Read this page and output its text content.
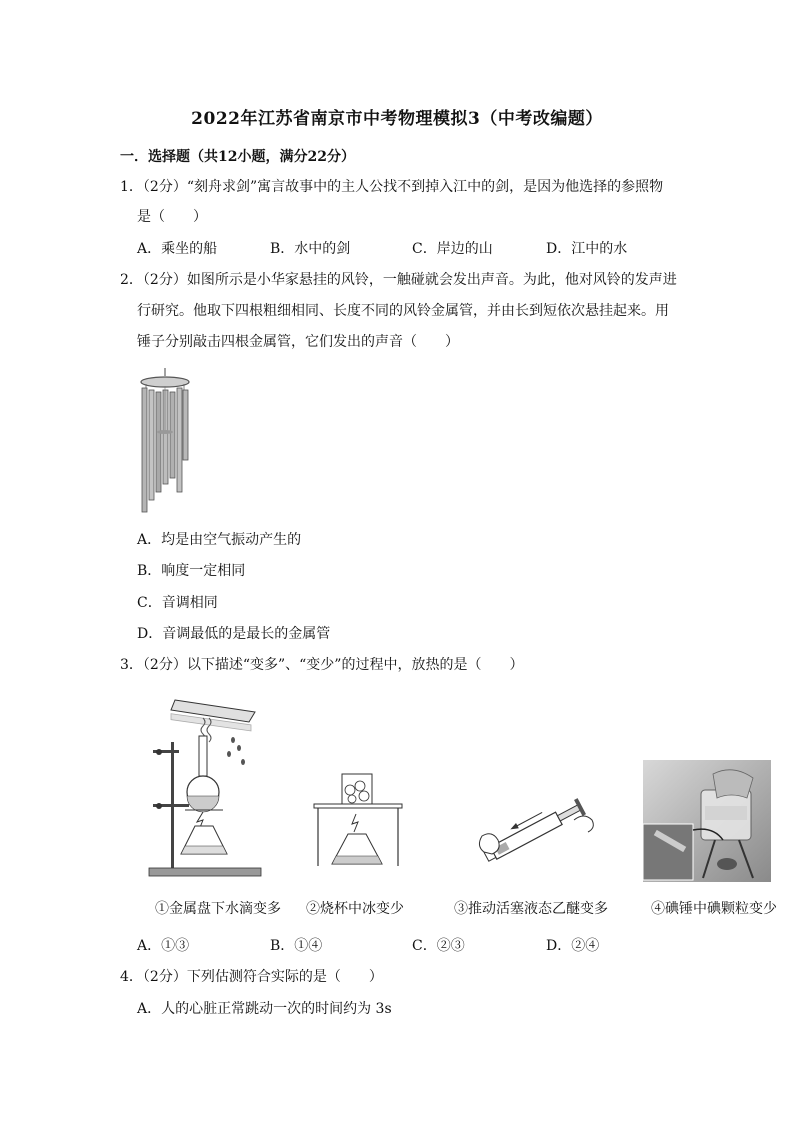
2022年江苏省南京市中考物理模拟3（中考改编题）
一．选择题（共12小题，满分22分）
1．（2分）“刻舟求剑”寓言故事中的主人公找不到掉入江中的剑，是因为他选择的参照物
是（　　）
A．乘坐的船	B．水中的剑	C．岸边的山	D．江中的水
2．（2分）如图所示是小华家悬挂的风铃，一触碰就会发出声音。为此，他对风铃的发声进
行研究。他取下四根粗细相同、长度不同的风铃金属管，并由长到短依次悬挂起来。用
锤子分别敲击四根金属管，它们发出的声音（　　）
A．均是由空气振动产生的
B．响度一定相同
C．音调相同
D．音调最低的是最长的金属管
3．（2分）以下描述“变多”、“变少”的过程中，放热的是（　　）
①金属盘下水滴变多 ②烧杯中冰变少	③推动活塞液态乙醚变多	④碘锤中碘颗粒变少
A．①③	B．①④	C．②③	D．②④
4．（2分）下列估测符合实际的是（　　）
A．人的心脏正常跳动一次的时间约为 3s
